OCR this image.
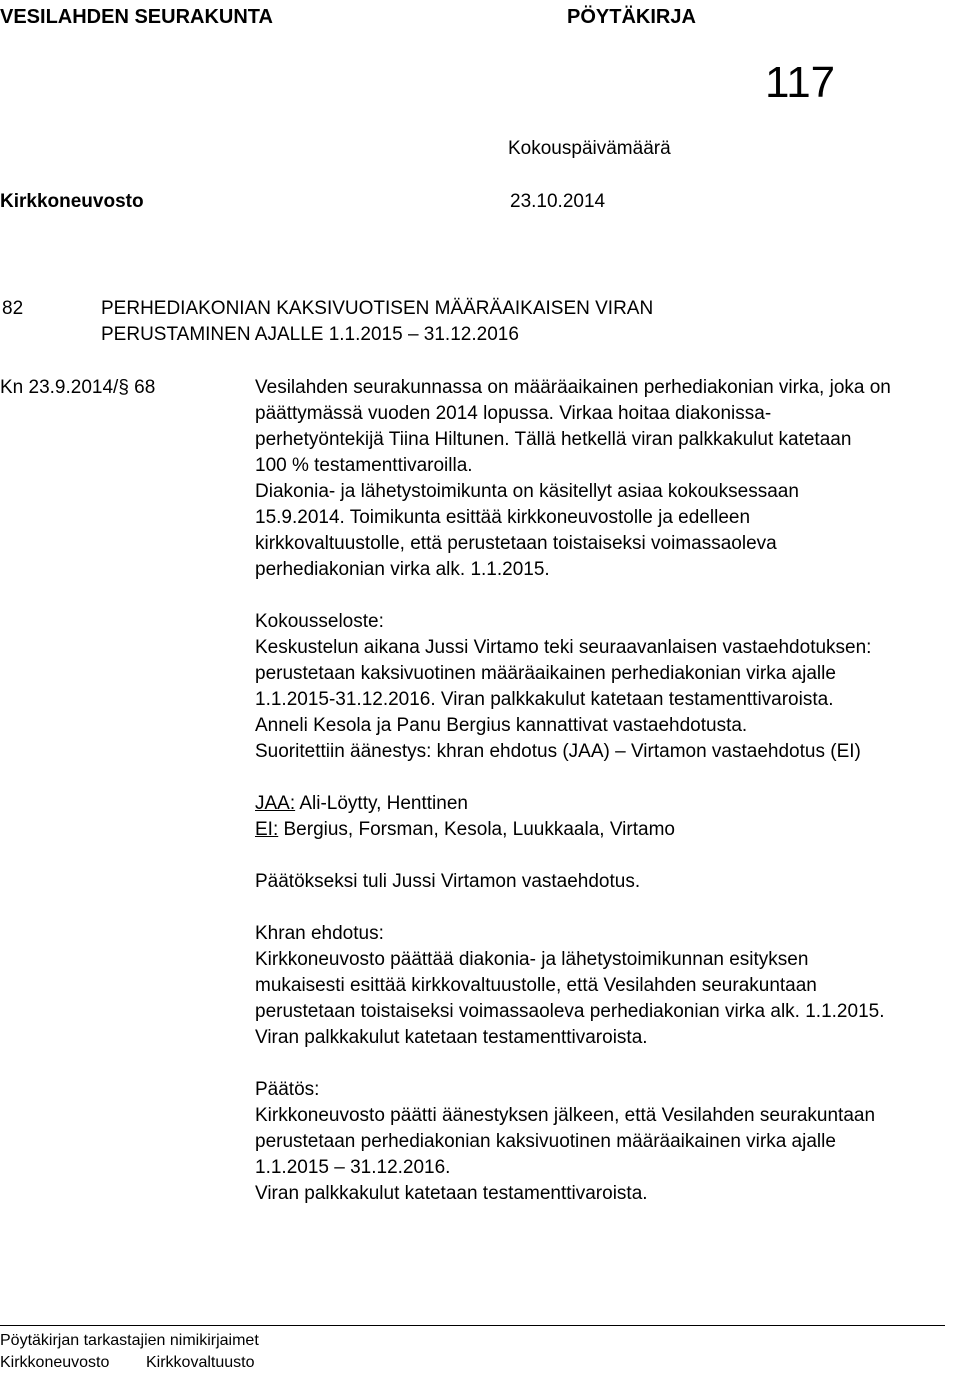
VESILAHDEN SEURAKUNTA	PÖYTÄKIRJA
117
Kokouspäivämäärä
Kirkkoneuvosto	23.10.2014
82	PERHEDIAKONIAN KAKSIVUOTISEN MÄÄRÄAIKAISEN VIRAN
PERUSTAMINEN AJALLE 1.1.2015 – 31.12.2016
Kn 23.9.2014/§ 68	Vesilahden seurakunnassa on määräaikainen perhediakonian virka, joka on

päättymässä vuoden 2014 lopussa. Virkaa hoitaa diakonissa-

perhetyöntekijä Tiina Hiltunen. Tällä hetkellä viran palkkakulut katetaan

100 % testamenttivaroilla.

Diakonia- ja lähetystoimikunta on käsitellyt asiaa kokouksessaan

15.9.2014. Toimikunta esittää kirkkoneuvostolle ja edelleen

kirkkovaltuustolle, että perustetaan toistaiseksi voimassaoleva

perhediakonian virka alk. 1.1.2015.

Kokousseloste:

Keskustelun aikana Jussi Virtamo teki seuraavanlaisen vastaehdotuksen:

perustetaan kaksivuotinen määräaikainen perhediakonian virka ajalle

1.1.2015-31.12.2016. Viran palkkakulut katetaan testamenttivaroista.

Anneli Kesola ja Panu Bergius kannattivat vastaehdotusta.

Suoritettiin äänestys: khran ehdotus (JAA) – Virtamon vastaehdotus (EI)

JAA: Ali-Löytty, Henttinen

EI: Bergius, Forsman, Kesola, Luukkaala, Virtamo

Päätökseksi tuli Jussi Virtamon vastaehdotus.

Khran ehdotus:

Kirkkoneuvosto päättää diakonia- ja lähetystoimikunnan esityksen

mukaisesti esittää kirkkovaltuustolle, että Vesilahden seurakuntaan

perustetaan toistaiseksi voimassaoleva perhediakonian virka alk. 1.1.2015.

Viran palkkakulut katetaan testamenttivaroista.

Päätös:

Kirkkoneuvosto päätti äänestyksen jälkeen, että Vesilahden seurakuntaan

perustetaan perhediakonian kaksivuotinen määräaikainen virka ajalle

1.1.2015 – 31.12.2016.

Viran palkkakulut katetaan testamenttivaroista.

Pöytäkirjan tarkastajien nimikirjaimet
Kirkkoneuvosto Kirkkovaltuusto
